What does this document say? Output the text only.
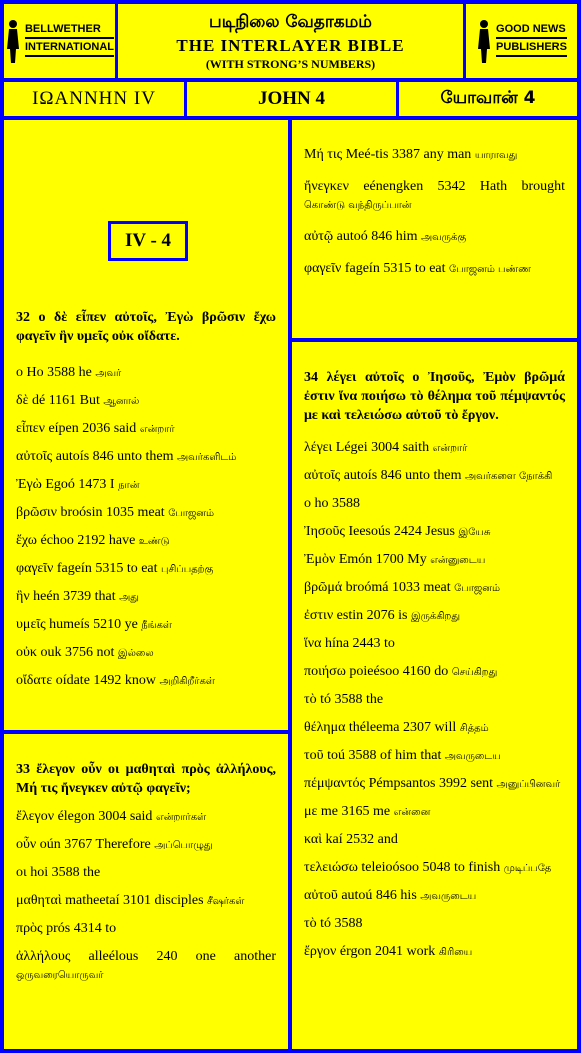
BELLWETHER
INTERNATIONAL
படிநிலை வேதாகமம்
THE INTERLAYER BIBLE
(WITH STRONG’S NUMBERS)
GOOD NEWS
PUBLISHERS
ΙΩΑΝΝΗΝ IV	JOHN 4	யோவான் 4
IV - 4
32 ο δὲ εἶπεν αὐτοῖς, Ἐγὼ βρῶσιν ἔχω φαγεῖν ἣν υμεῖς οὐκ οἴδατε.
ο Ho 3588 he அவர்
δὲ dé 1161 But ஆனால்
εἶπεν eípen 2036 said என்றார்
αὐτοῖς autoís 846 unto them அவர்களிடம்
Ἐγὼ Egoó 1473 I நான்
βρῶσιν broósin 1035 meat போஜனம்
ἔχω échoo 2192 have உண்டு
φαγεῖν fageín 5315 to eat புசிப்பதற்கு
ἣν heén 3739 that அது
υμεῖς humeís 5210 ye நீங்கள்
οὐκ ouk 3756 not இல்லை
οἴδατε oídate 1492 know அறிகிறீர்கள்
33 ἔλεγον οὖν οι μαθηταὶ πρὸς ἀλλήλους, Μή τις ἤνεγκεν αὐτῷ φαγεῖν;
ἔλεγον élegon 3004 said என்றார்கள்
οὖν oún 3767 Therefore அப்பொழுது
οι hoi 3588 the
μαθηταὶ matheetaí 3101 disciples சீஷர்கள்
πρὸς prós 4314 to
ἀλλήλους alleélous 240 one another ஒருவரையொருவர்
Μή τις Meé-tis 3387 any man யாராவது
ἤνεγκεν eénengken 5342 Hath brought கொண்டு வந்திருப்பான்
αὐτῷ autoó 846 him அவருக்கு
φαγεῖν fageín 5315 to eat போஜனம் பண்ண
34 λέγει αὐτοῖς ο Ἰησοῦς, Ἐμὸν βρῶμά ἐστιν ἵνα ποιήσω τὸ θέλημα τοῦ πέμψαντός με καὶ τελειώσω αὐτοῦ τὸ ἔργον.
λέγει Légei 3004 saith என்றார்
αὐτοῖς autoís 846 unto them அவர்களை நோக்கி
ο ho 3588
Ἰησοῦς Ieesoús 2424 Jesus இயேசு
Ἐμὸν Emón 1700 My என்னுடைய
βρῶμά broómá 1033 meat போஜனம்
ἐστιν estin 2076 is இருக்கிறது
ἵνα hína 2443 to
ποιήσω poieésoo 4160 do செய்கிறது
τὸ tó 3588 the
θέλημα théleema 2307 will சித்தம்
τοῦ toú 3588 of him that அவருடைய
πέμψαντός Pémpsantos 3992 sent அனுப்பினவர்
με me 3165 me என்னை
καὶ kaí 2532 and
τελειώσω teleioósoo 5048 to finish முடிப்பதே
αὐτοῦ autoú 846 his அவருடைய
τὸ tó 3588
ἔργον érgon 2041 work கிரியை
